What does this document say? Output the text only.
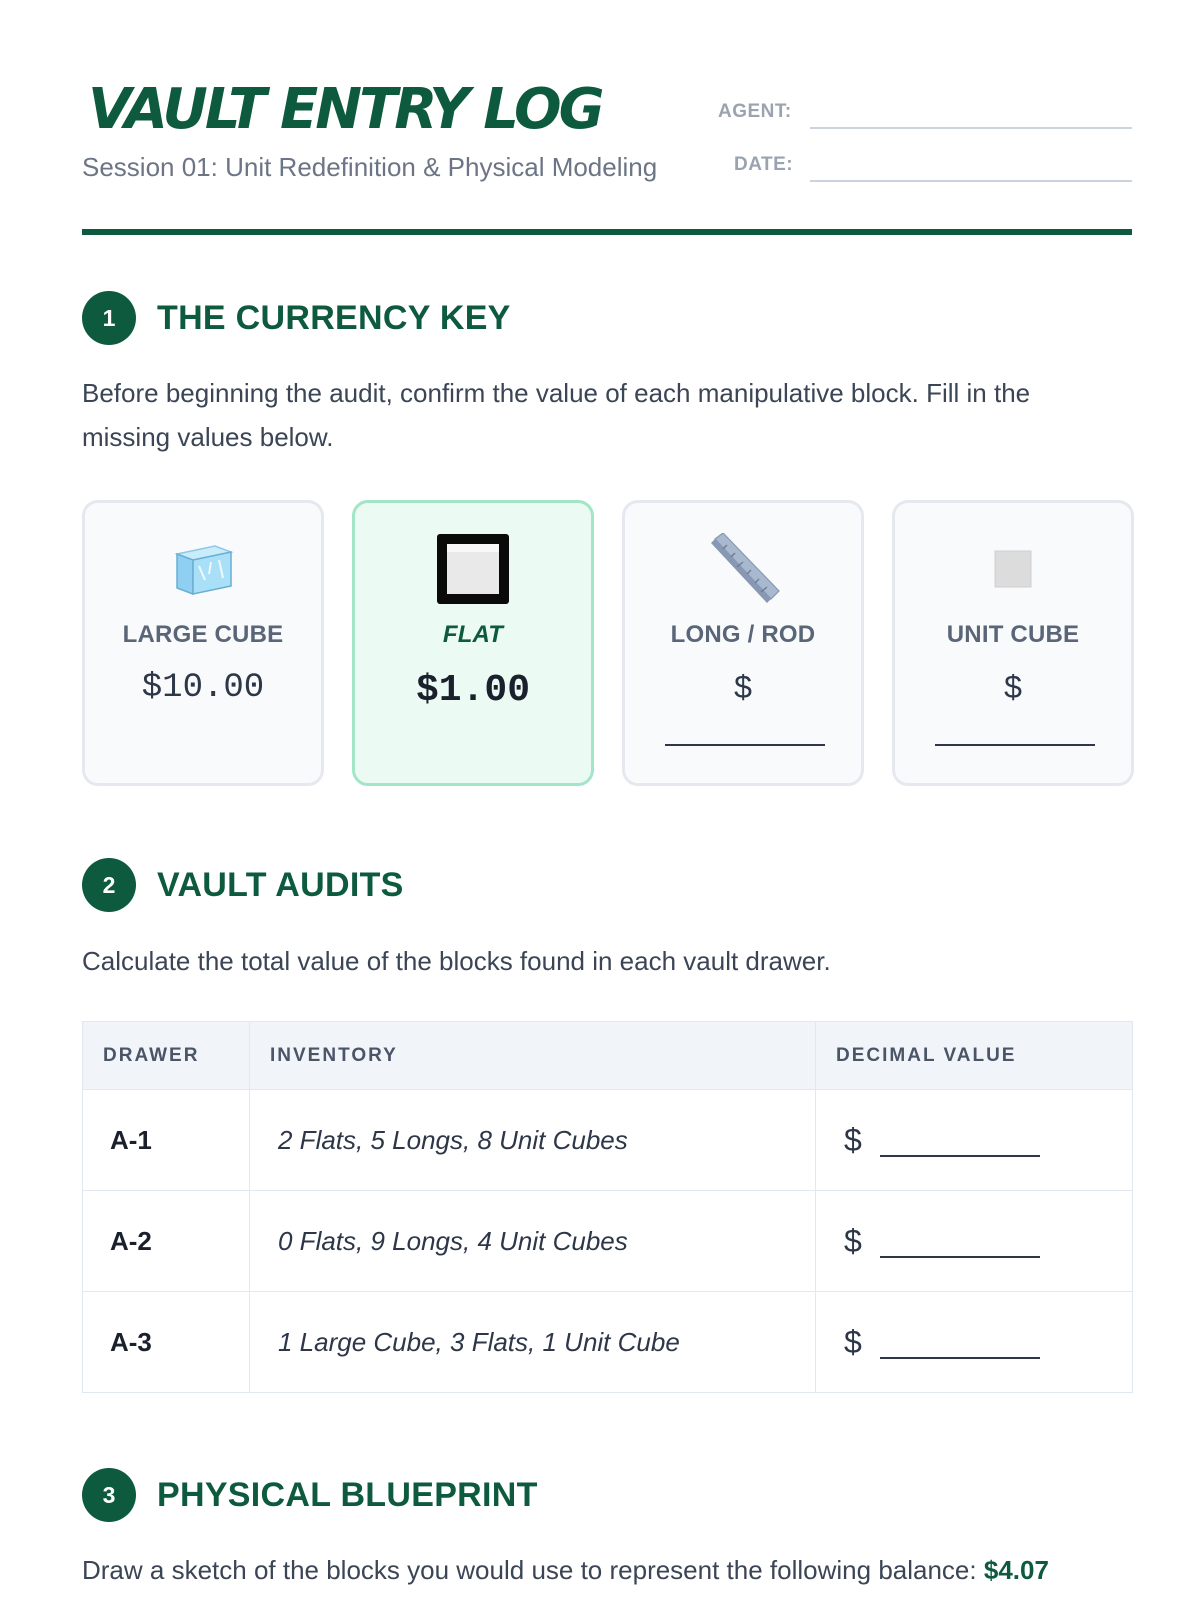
VAULT ENTRY LOG
Session 01: Unit Redefinition & Physical Modeling
AGENT:
DATE:
1	THE CURRENCY KEY

Before beginning the audit, confirm the value of each manipulative block. Fill in the missing values below.

LARGE CUBE
$10.00
FLAT
$1.00
LONG / ROD
$
UNIT CUBE
$
2	VAULT AUDITS

Calculate the total value of the blocks found in each vault drawer.

DRAWER	INVENTORY	DECIMAL VALUE
A-1	2 Flats, 5 Longs, 8 Unit Cubes	$
A-2	0 Flats, 9 Longs, 4 Unit Cubes	$
A-3	1 Large Cube, 3 Flats, 1 Unit Cube	$
3	PHYSICAL BLUEPRINT

Draw a sketch of the blocks you would use to represent the following balance: $4.07
